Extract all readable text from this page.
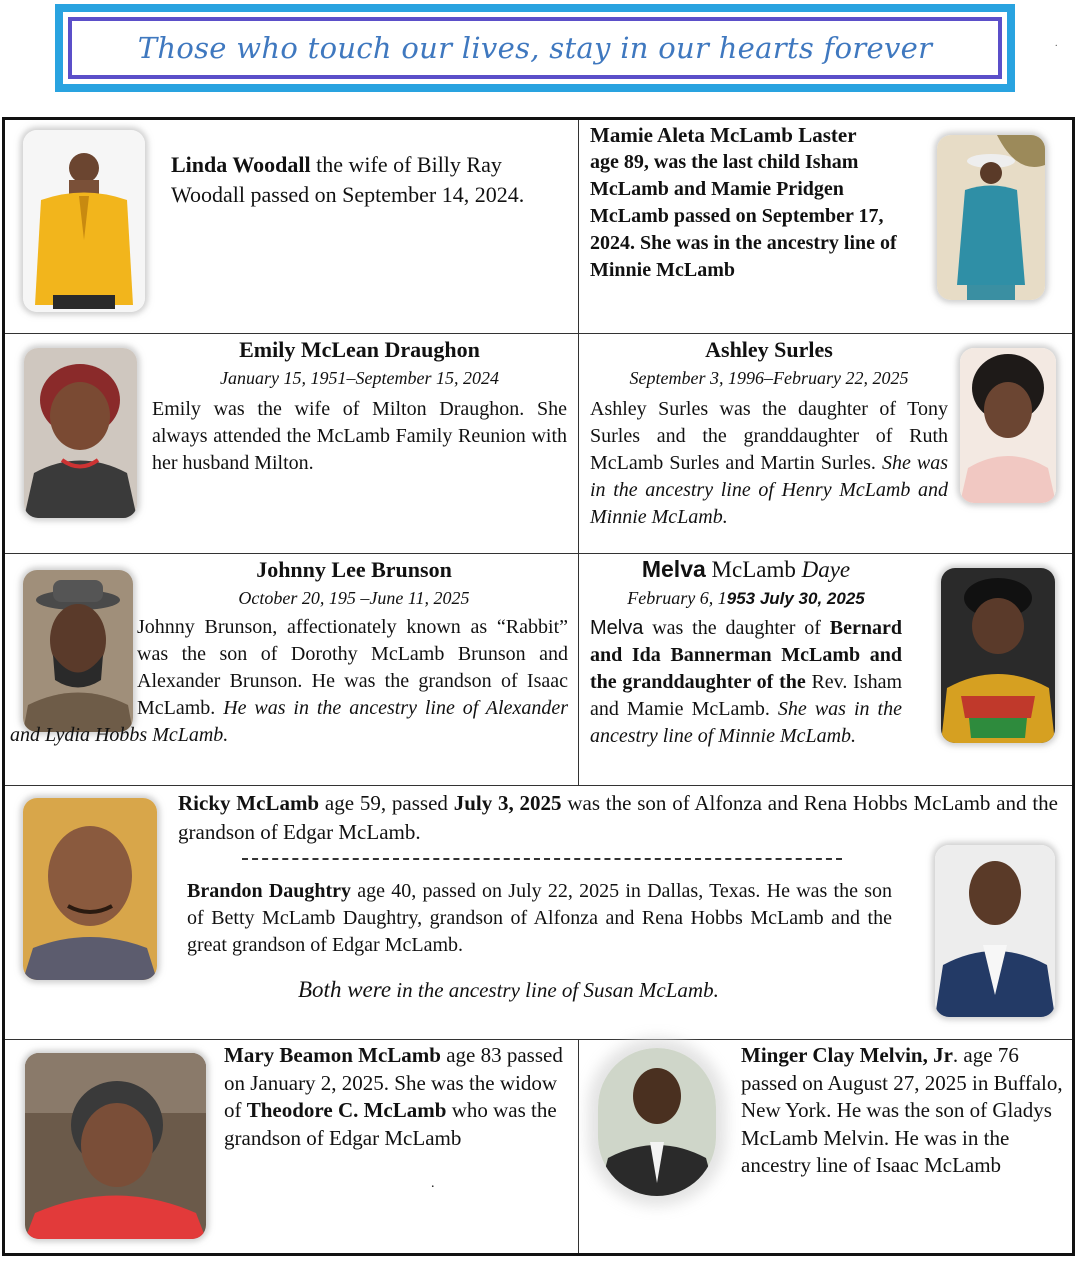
Those who touch our lives, stay in our hearts forever	.
Linda Woodall the wife of Billy Ray Woodall passed on September 14, 2024.
Mamie Aleta McLamb Laster
age 89, was the last child Isham McLamb and Mamie Pridgen McLamb passed on September 17, 2024. She was in the ancestry line of Minnie McLamb
Emily McLean Draughon
January 15, 1951–September 15, 2024
Emily was the wife of Milton Draughon. She always attended the McLamb Family Reunion with her husband Milton.
Ashley Surles
September 3, 1996–February 22, 2025
Ashley Surles was the daughter of Tony Surles and the granddaughter of Ruth McLamb Surles and Martin Surles. She was in the ancestry line of Henry McLamb and Minnie McLamb.
Johnny Lee Brunson
October 20, 195 –June 11, 2025
Johnny Brunson, affectionately known as “Rabbit” was the son of Dorothy McLamb Brunson and Alexander Brunson. He was the grandson of Isaac McLamb. He was in the ancestry line of Alexander and Lydia Hobbs McLamb.
Melva McLamb Daye
February 6, 1953 July 30, 2025
Melva was the daughter of Bernard and Ida Bannerman McLamb and the granddaughter of the Rev. Isham and Mamie McLamb. She was in the ancestry line of Minnie McLamb.

Ricky McLamb age 59, passed July 3, 2025 was the son of Alfonza and Rena Hobbs McLamb and the grandson of Edgar McLamb.

Brandon Daughtry age 40, passed on July 22, 2025 in Dallas, Texas. He was the son of Betty McLamb Daughtry, grandson of Alfonza and Rena Hobbs McLamb and the great grandson of Edgar McLamb.

Both were in the ancestry line of Susan McLamb.

Mary Beamon McLamb age 83 passed on January 2, 2025. She was the widow of Theodore C. McLamb who was the grandson of Edgar McLamb

.

Minger Clay Melvin, Jr. age 76 passed on August 27, 2025 in Buffalo, New York. He was the son of Gladys McLamb Melvin. He was in the ancestry line of Isaac McLamb
